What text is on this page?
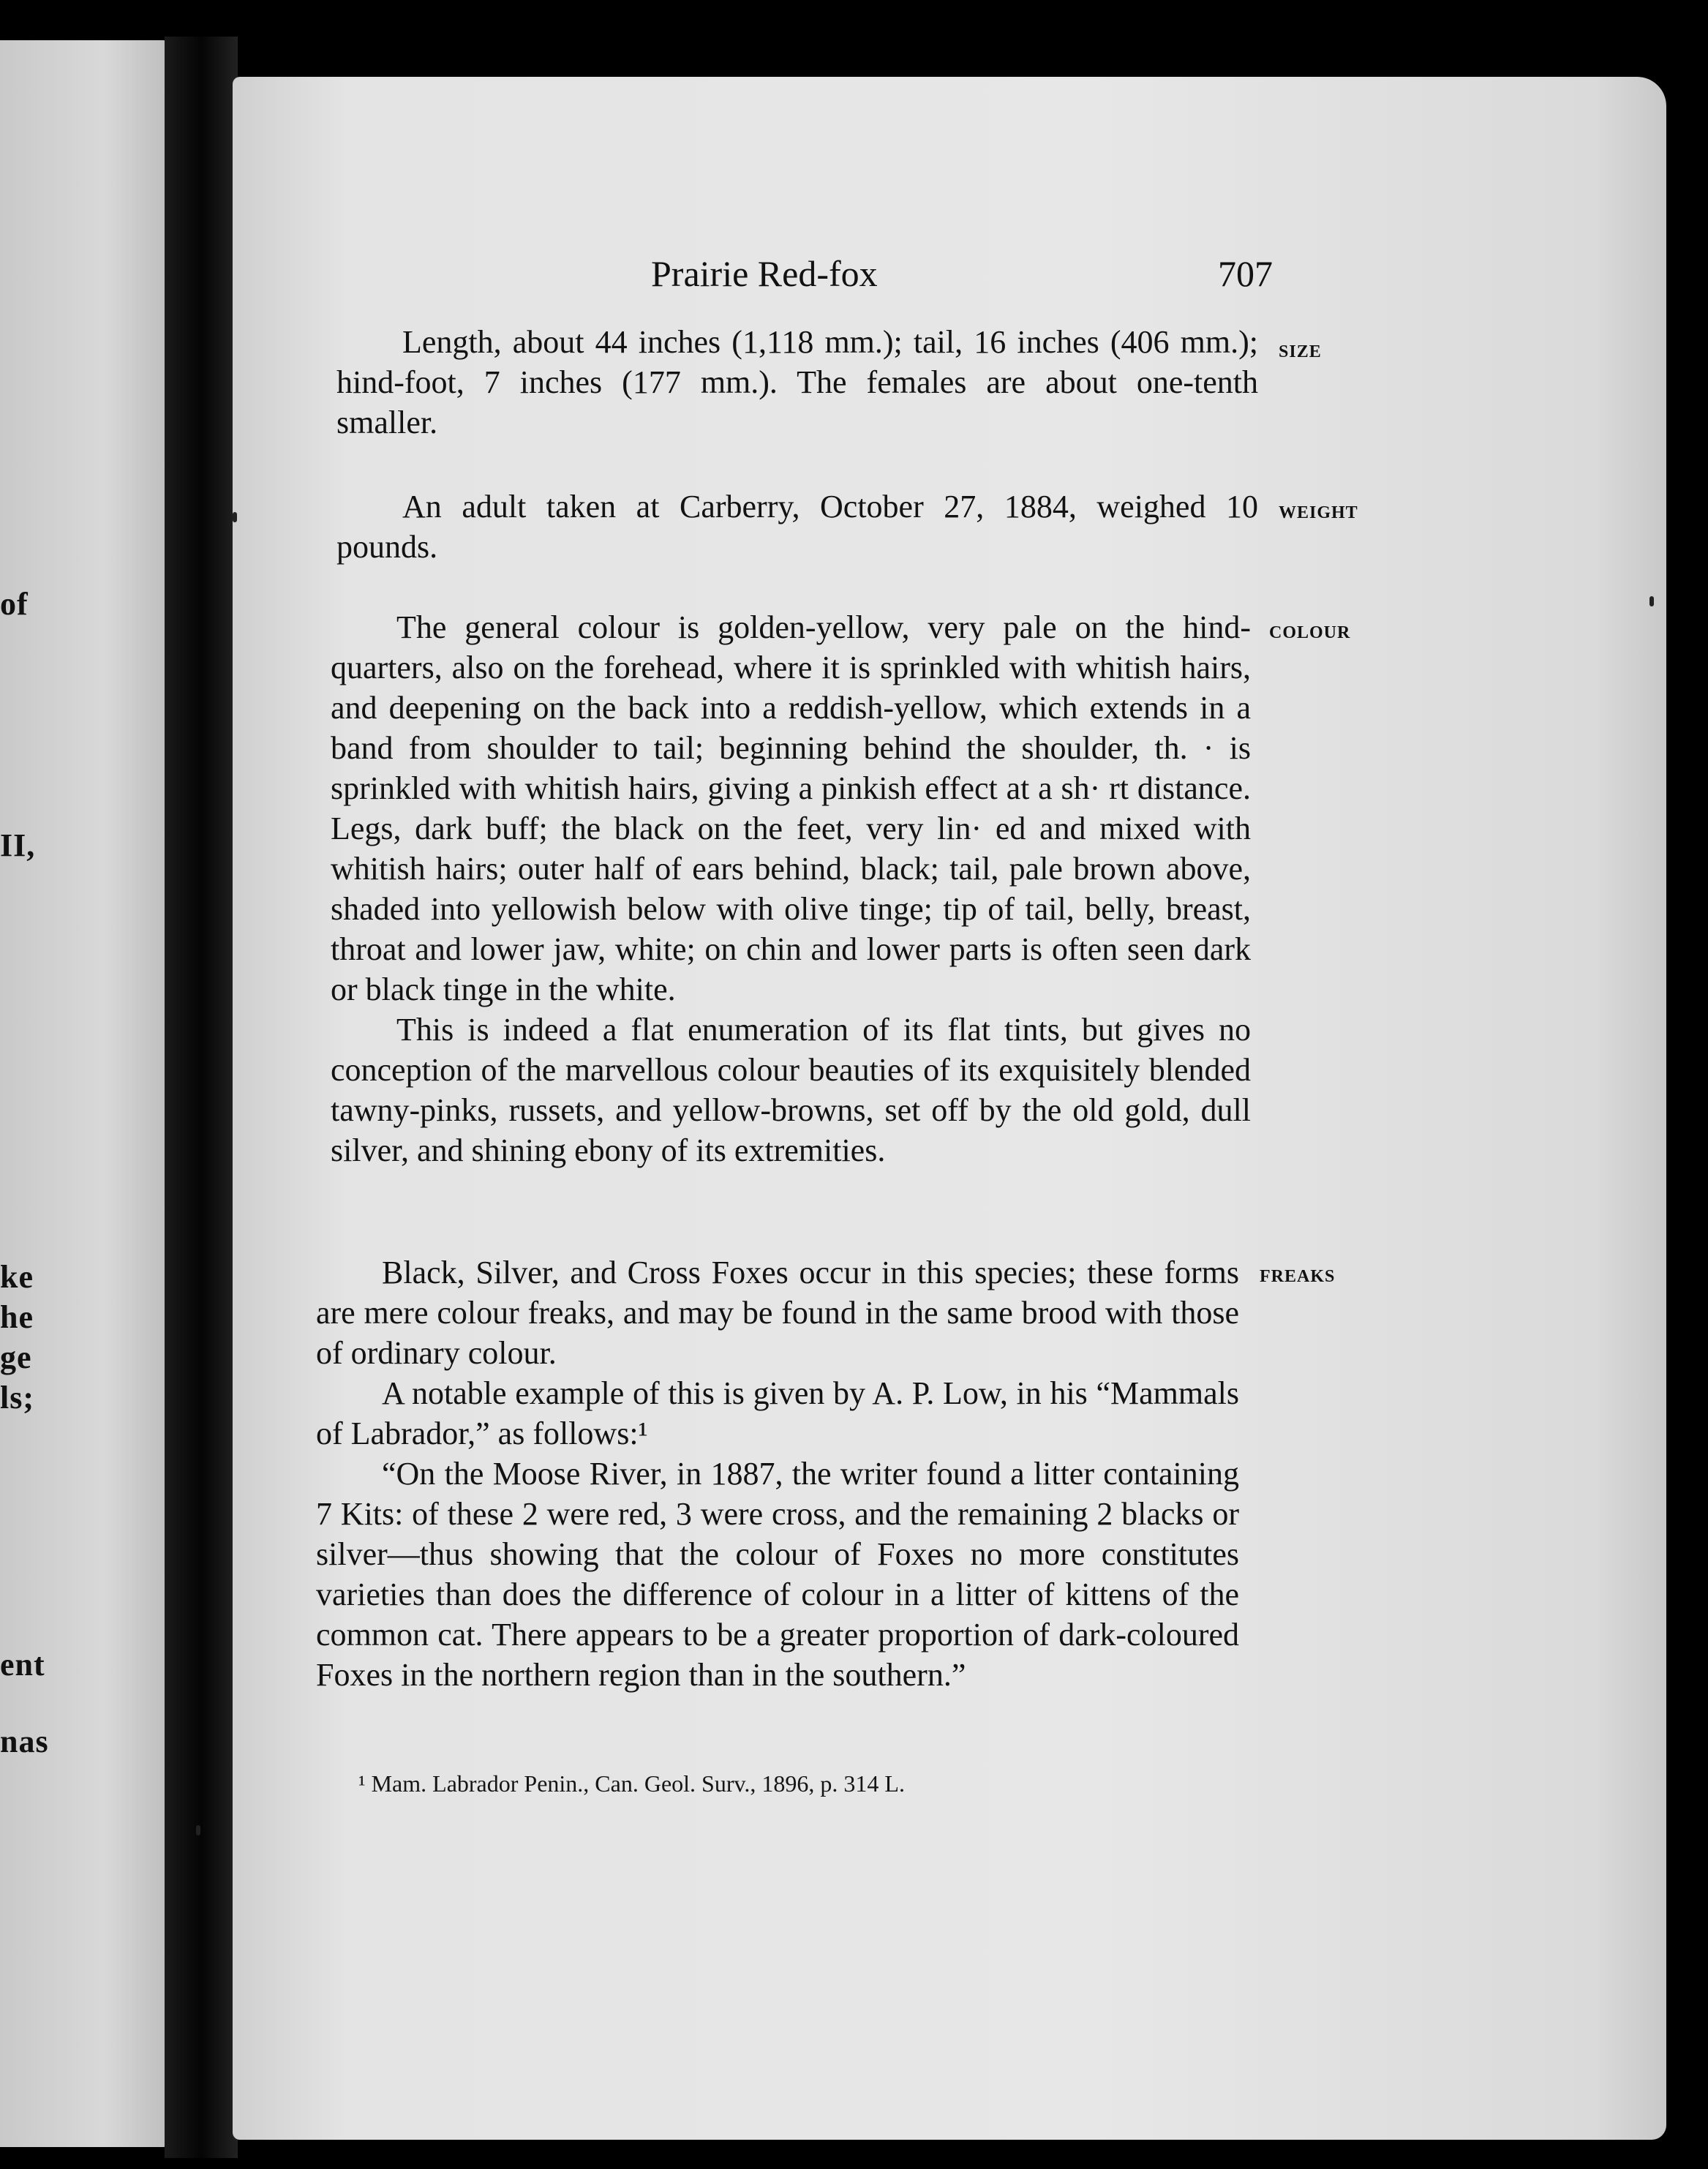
of
II,
ke
he
ge
ls;
ent
nas
Prairie Red-fox	707

Length, about 44 inches (1,118 mm.); tail, 16 inches (406 mm.); hind-foot, 7 inches (177 mm.). The females are about one-tenth smaller.

SIZE

An adult taken at Carberry, October 27, 1884, weighed 10 pounds.

WEIGHT

The general colour is golden-yellow, very pale on the hind-quarters, also on the forehead, where it is sprinkled with whitish hairs, and deepening on the back into a reddish-yellow, which extends in a band from shoulder to tail; beginning behind the shoulder, th. · is sprinkled with whitish hairs, giving a pinkish effect at a sh· rt distance. Legs, dark buff; the black on the feet, very lin· ed and mixed with whitish hairs; outer half of ears behind, black; tail, pale brown above, shaded into yellowish below with olive tinge; tip of tail, belly, breast, throat and lower jaw, white; on chin and lower parts is often seen dark or black tinge in the white.

This is indeed a flat enumeration of its flat tints, but gives no conception of the marvellous colour beauties of its exquisitely blended tawny-pinks, russets, and yellow-browns, set off by the old gold, dull silver, and shining ebony of its extremities.

COLOUR

Black, Silver, and Cross Foxes occur in this species; these forms are mere colour freaks, and may be found in the same brood with those of ordinary colour.

A notable example of this is given by A. P. Low, in his “Mammals of Labrador,” as follows:¹

“On the Moose River, in 1887, the writer found a litter containing 7 Kits: of these 2 were red, 3 were cross, and the remaining 2 blacks or silver—thus showing that the colour of Foxes no more constitutes varieties than does the difference of colour in a litter of kittens of the common cat. There appears to be a greater proportion of dark-coloured Foxes in the northern region than in the southern.”

FREAKS
¹ Mam. Labrador Penin., Can. Geol. Surv., 1896, p. 314 L.
